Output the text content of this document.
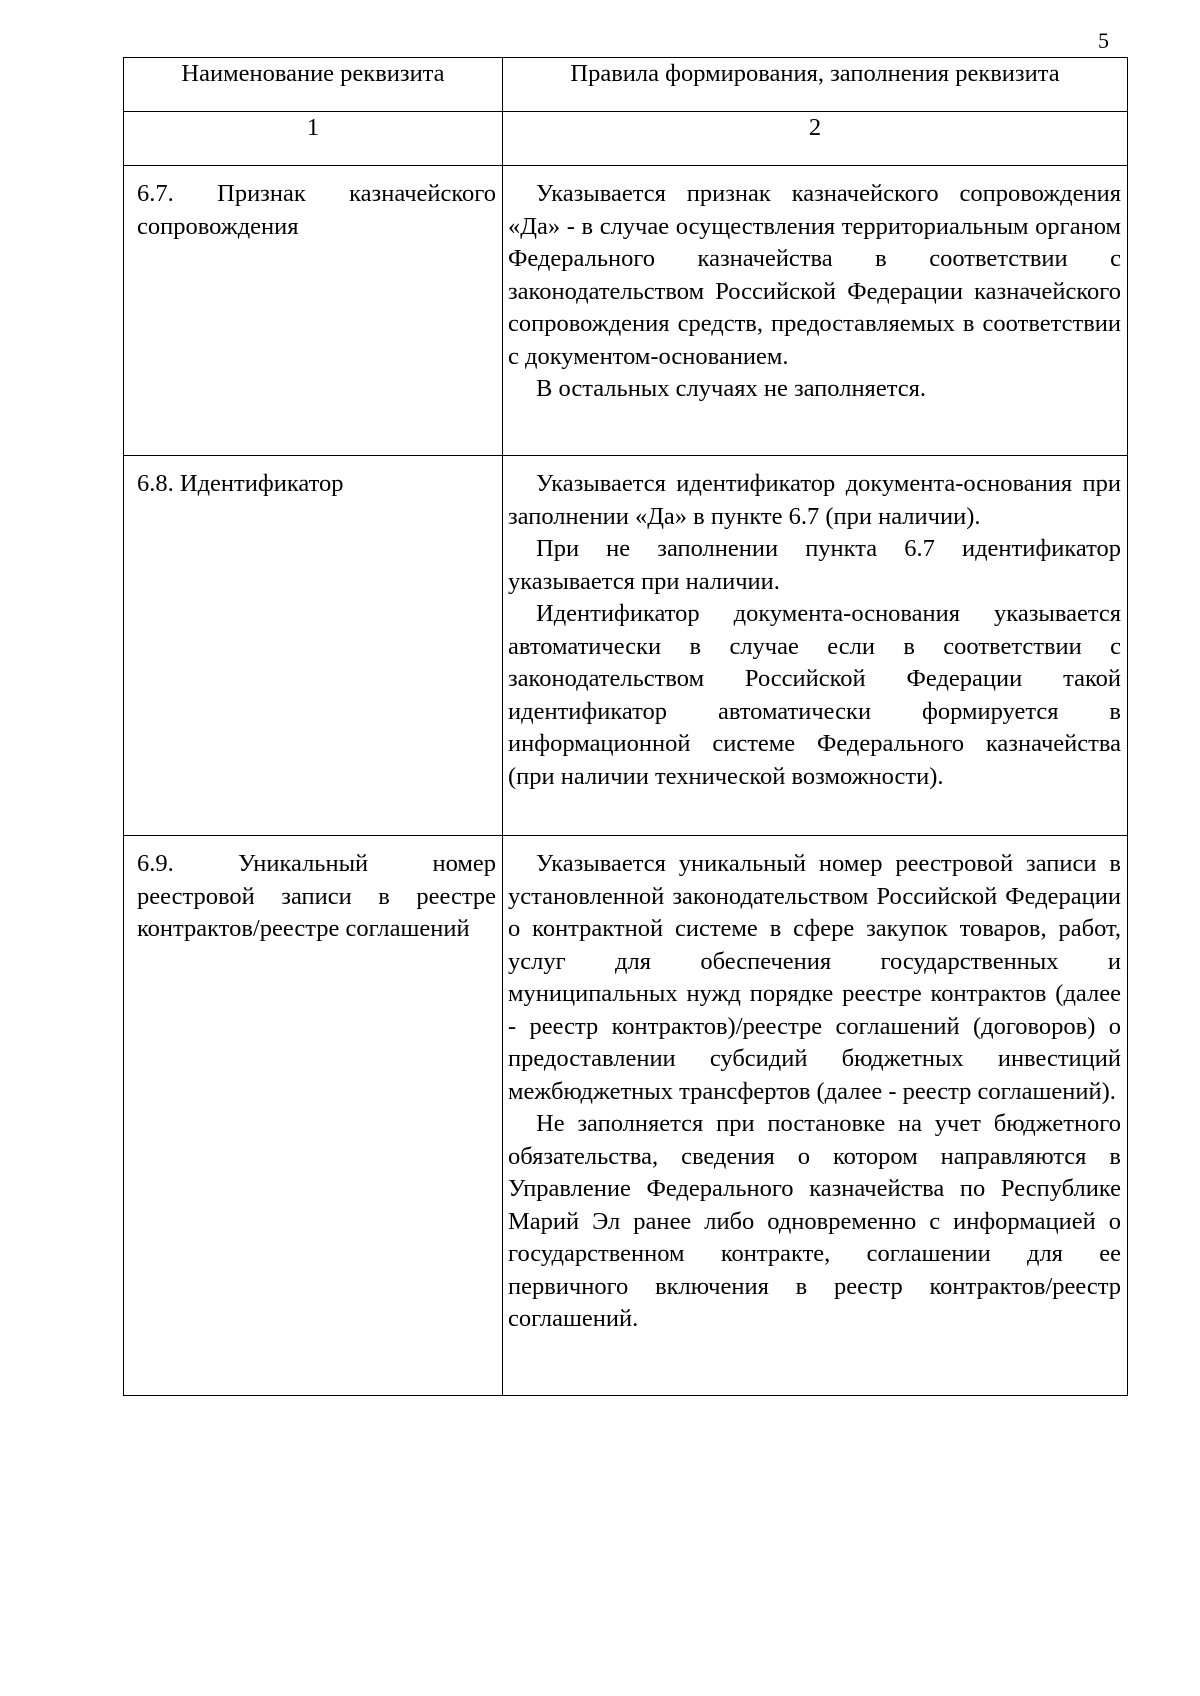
5
Наименование реквизита	Правила формирования, заполнения реквизита
1	2
6.7. Признак казначейского сопровождения	Указывается признак казначейского сопровождения «Да» - в случае осуществления территориальным органом Федерального казначейства в соответствии с законодательством Российской Федерации казначейского сопровождения средств, предоставляемых в соответствии с документом-основанием.

В остальных случаях не заполняется.

6.8. Идентификатор	Указывается идентификатор документа-основания при заполнении «Да» в пункте 6.7 (при наличии).

При не заполнении пункта 6.7 идентификатор указывается при наличии.

Идентификатор документа-основания указывается автоматически в случае если в соответствии с законодательством Российской Федерации такой идентификатор автоматически формируется в информационной системе Федерального казначейства (при наличии технической возможности).

6.9. Уникальный номер реестровой записи в реестре контрактов/реестре соглашений	Указывается уникальный номер реестровой записи в установленной законодательством Российской Федерации о контрактной системе в сфере закупок товаров, работ, услуг для обеспечения государственных и муниципальных нужд порядке реестре контрактов (далее - реестр контрактов)/реестре соглашений (договоров) о предоставлении субсидий бюджетных инвестиций межбюджетных трансфертов (далее - реестр соглашений).

Не заполняется при постановке на учет бюджетного обязательства, сведения о котором направляются в Управление Федерального казначейства по Республике Марий Эл ранее либо одновременно с информацией о государственном контракте, соглашении для ее первичного включения в реестр контрактов/реестр соглашений.
